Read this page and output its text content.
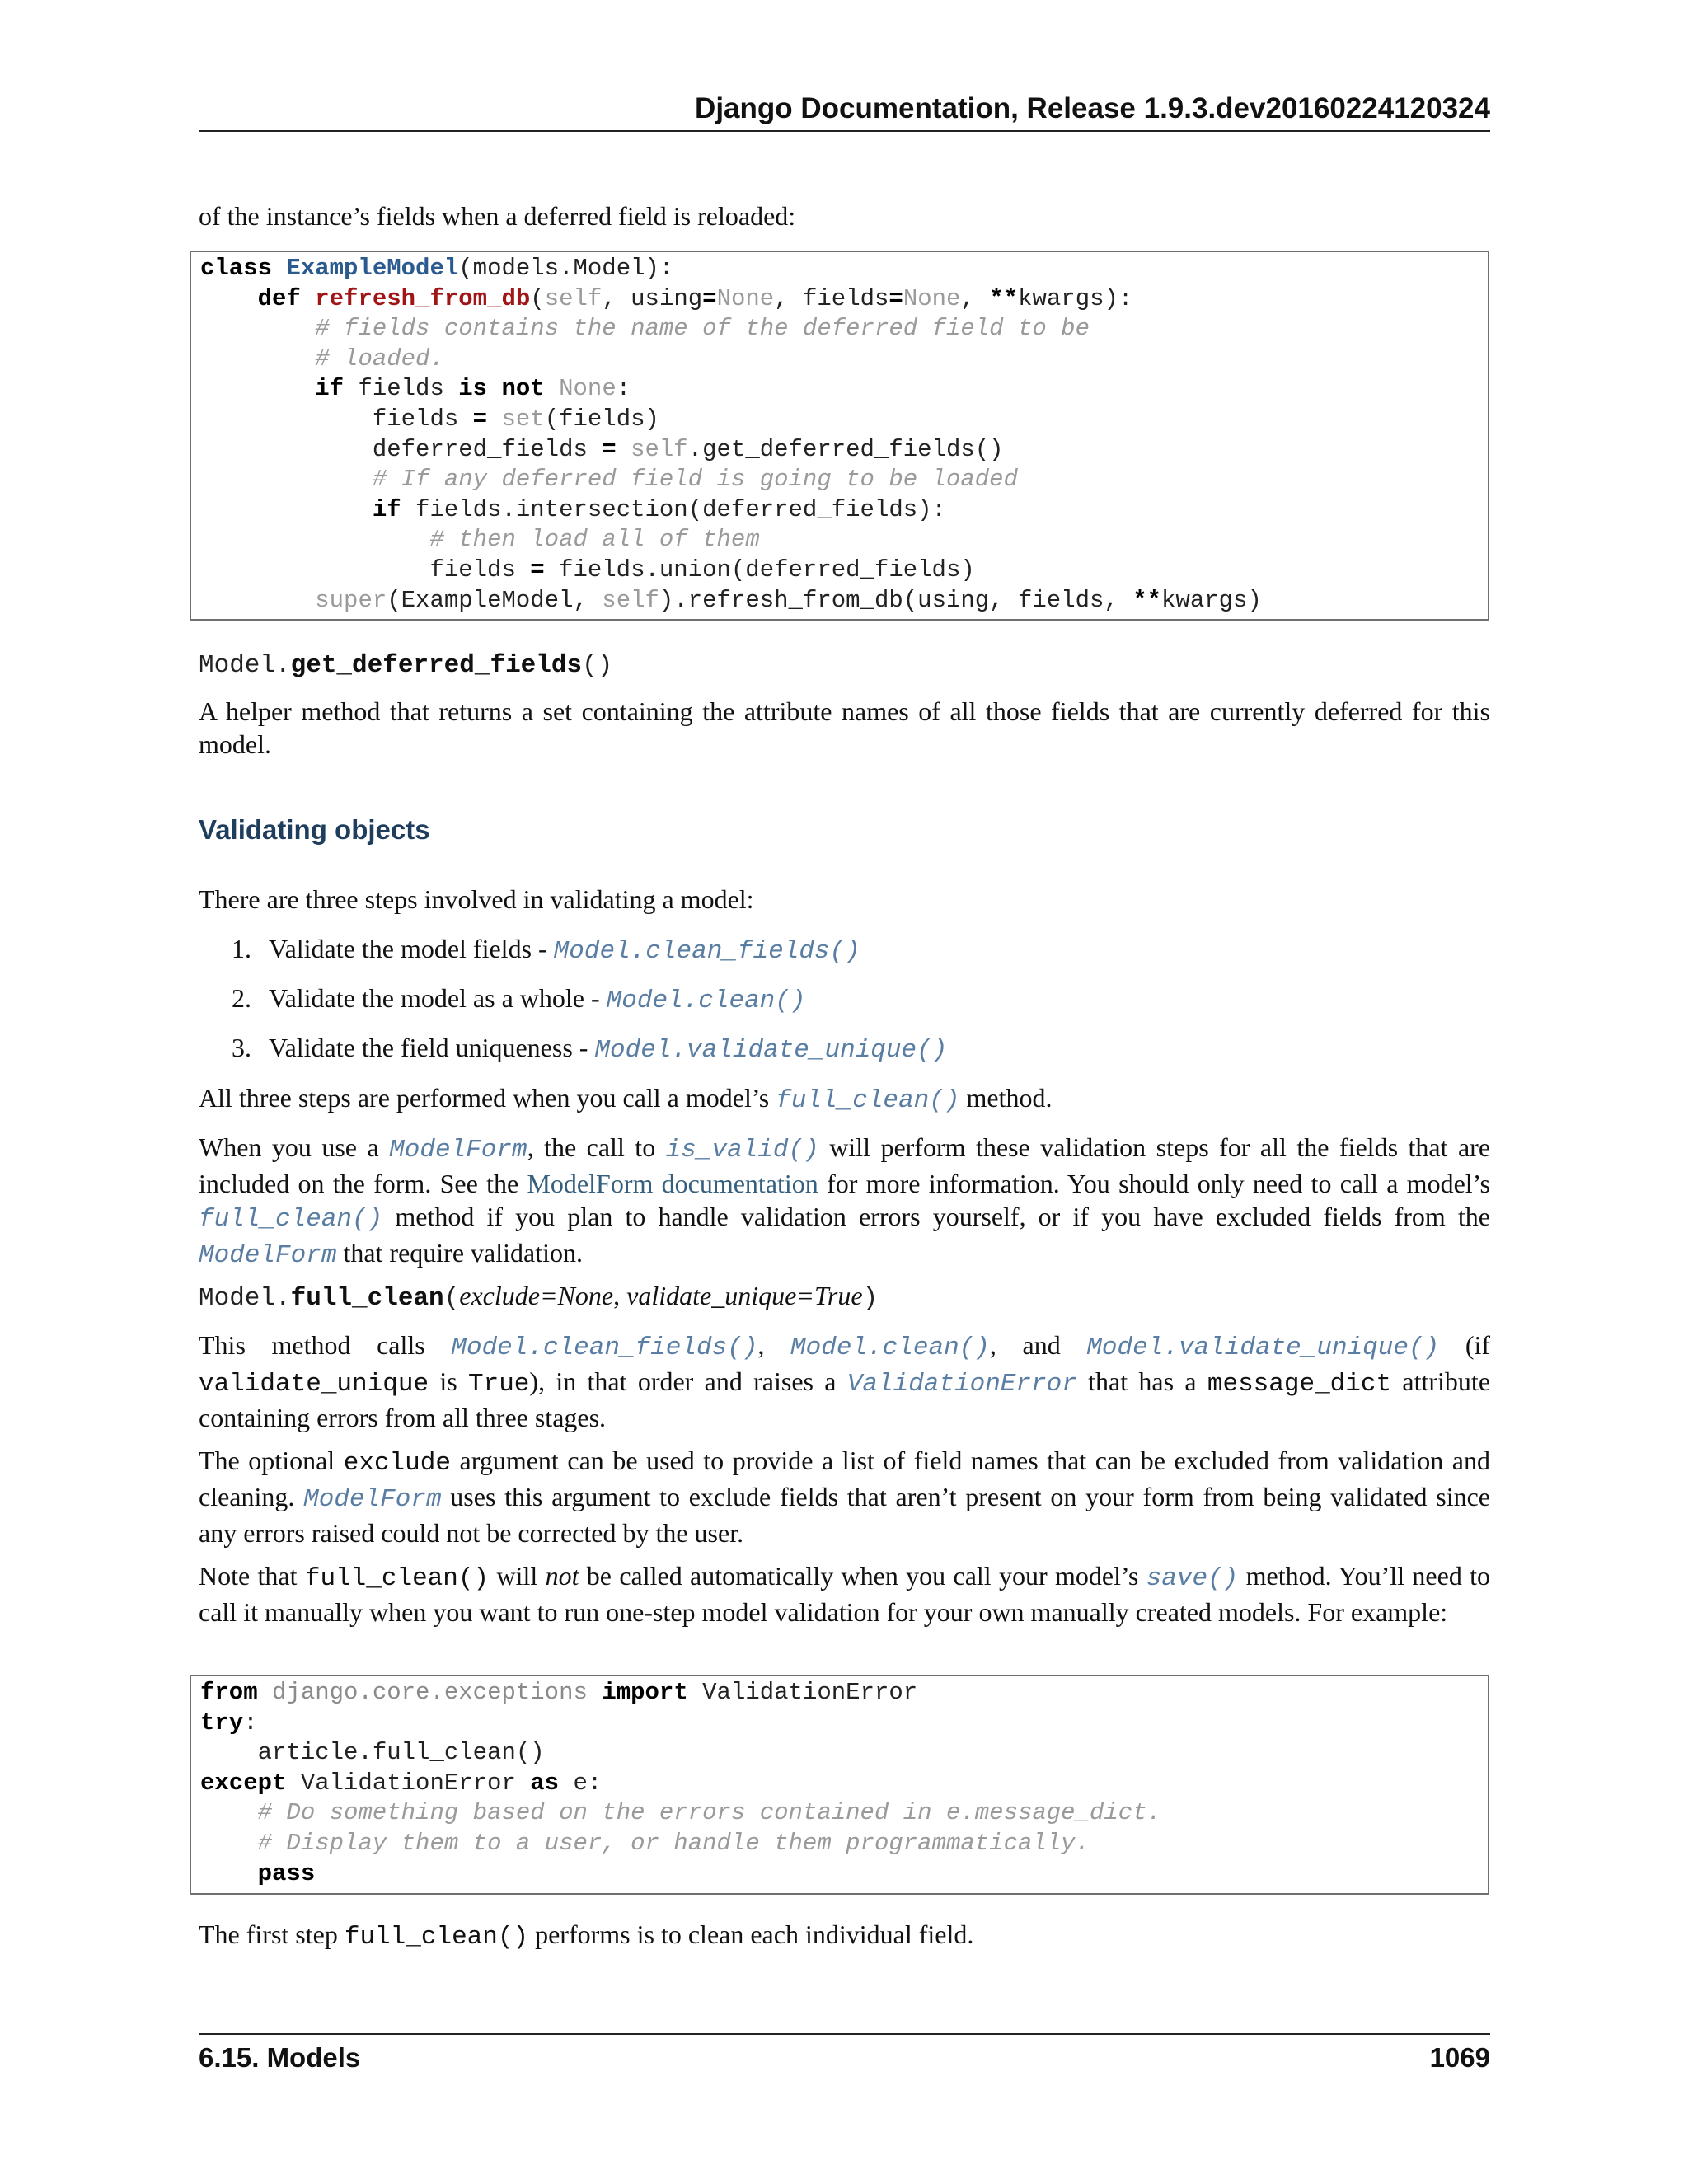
Django Documentation, Release 1.9.3.dev20160224120324
of the instance’s fields when a deferred field is reloaded:
class ExampleModel(models.Model):
def refresh_from_db(self, using=None, fields=None, **kwargs):
# fields contains the name of the deferred field to be
# loaded.
if fields is not None:
fields = set(fields)
deferred_fields = self.get_deferred_fields()
# If any deferred field is going to be loaded
if fields.intersection(deferred_fields):
# then load all of them
fields = fields.union(deferred_fields)
super(ExampleModel, self).refresh_from_db(using, fields, **kwargs)
Model.get_deferred_fields()
A helper method that returns a set containing the attribute names of all those fields that are currently deferred for this model.
Validating objects
There are three steps involved in validating a model:
1. Validate the model fields - Model.clean_fields()
2. Validate the model as a whole - Model.clean()
3. Validate the field uniqueness - Model.validate_unique()
All three steps are performed when you call a model’s full_clean() method.
When you use a ModelForm, the call to is_valid() will perform these validation steps for all the fields that are included on the form. See the ModelForm documentation for more information. You should only need to call a model’s full_clean() method if you plan to handle validation errors yourself, or if you have excluded fields from the ModelForm that require validation.
Model.full_clean(exclude=None, validate_unique=True)
This method calls Model.clean_fields(), Model.clean(), and Model.validate_unique() (if validate_unique is True), in that order and raises a ValidationError that has a message_dict attribute containing errors from all three stages.
The optional exclude argument can be used to provide a list of field names that can be excluded from validation and cleaning. ModelForm uses this argument to exclude fields that aren’t present on your form from being validated since any errors raised could not be corrected by the user.
Note that full_clean() will not be called automatically when you call your model’s save() method. You’ll need to call it manually when you want to run one-step model validation for your own manually created models. For example:
from django.core.exceptions import ValidationError
try:
article.full_clean()
except ValidationError as e:
# Do something based on the errors contained in e.message_dict.
# Display them to a user, or handle them programmatically.
pass
The first step full_clean() performs is to clean each individual field.
6.15. Models	1069
